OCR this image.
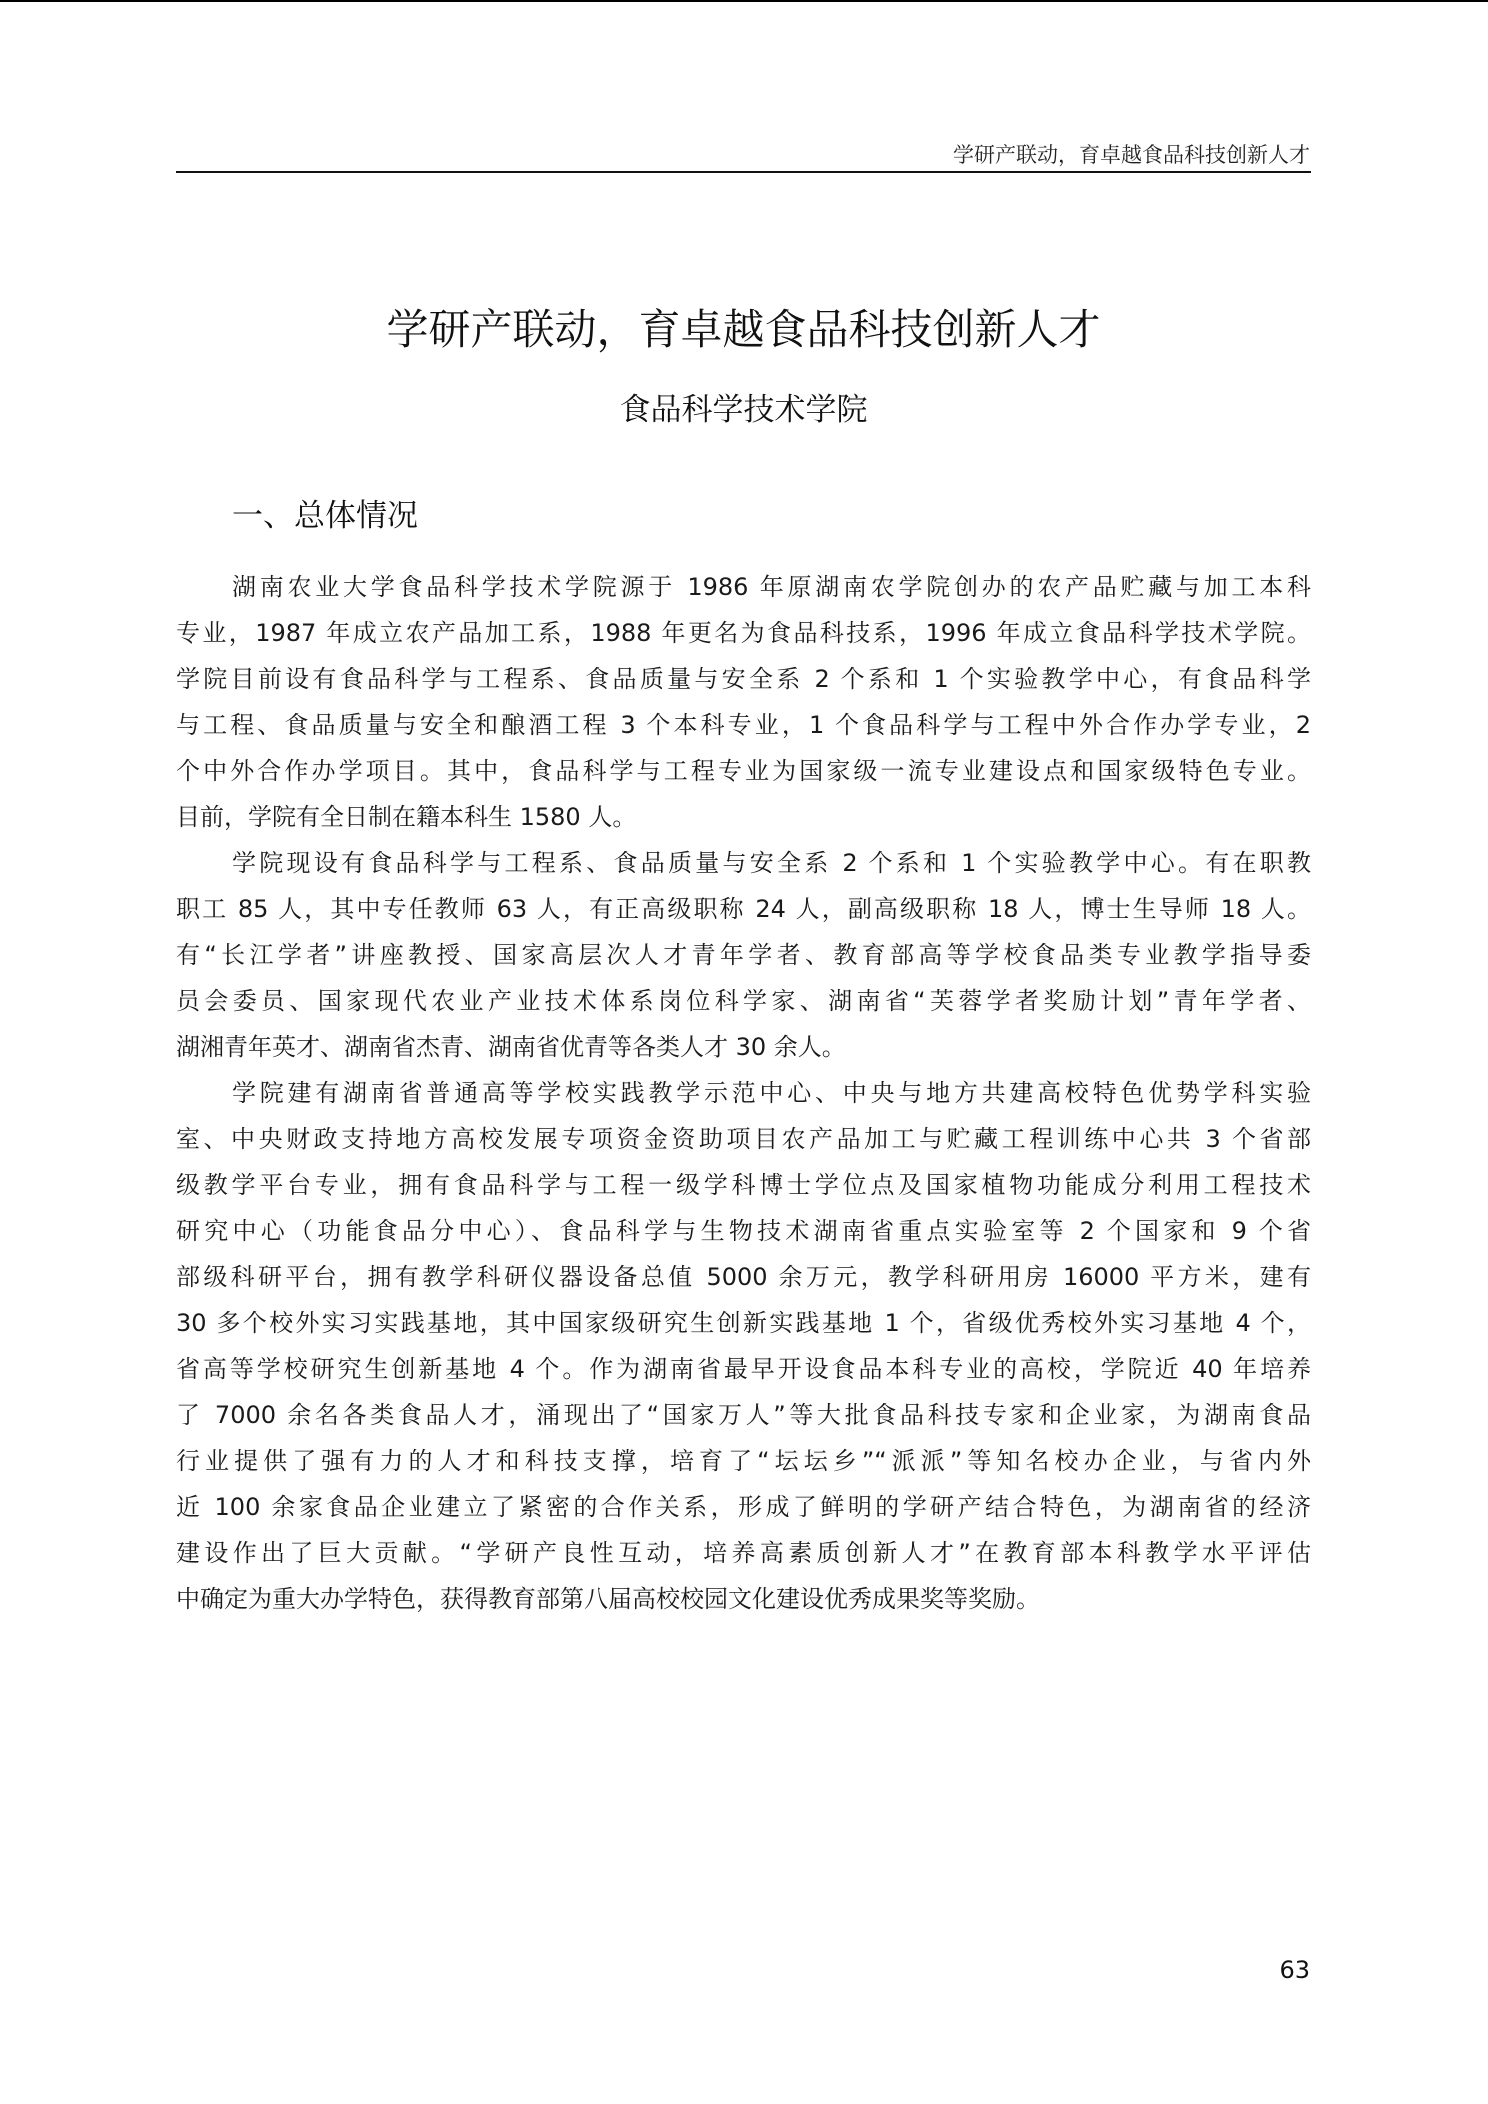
学研产联动，育卓越食品科技创新人才
学研产联动，育卓越食品科技创新人才
食品科学技术学院
一、总体情况
湖南农业大学食品科学技术学院源于 1986 年原湖南农学院创办的农产品贮藏与加工本科
专业，1987 年成立农产品加工系，1988 年更名为食品科技系，1996 年成立食品科学技术学院。
学院目前设有食品科学与工程系、食品质量与安全系 2 个系和 1 个实验教学中心，有食品科学
与工程、食品质量与安全和酿酒工程 3 个本科专业，1 个食品科学与工程中外合作办学专业，2
个中外合作办学项目。其中，食品科学与工程专业为国家级一流专业建设点和国家级特色专业。
目前，学院有全日制在籍本科生 1580 人。
学院现设有食品科学与工程系、食品质量与安全系 2 个系和 1 个实验教学中心。有在职教
职工 85 人，其中专任教师 63 人，有正高级职称 24 人，副高级职称 18 人，博士生导师 18 人。
有“长江学者”讲座教授、国家高层次人才青年学者、教育部高等学校食品类专业教学指导委
员会委员、国家现代农业产业技术体系岗位科学家、湖南省“芙蓉学者奖励计划”青年学者、
湖湘青年英才、湖南省杰青、湖南省优青等各类人才 30 余人。
学院建有湖南省普通高等学校实践教学示范中心、中央与地方共建高校特色优势学科实验
室、中央财政支持地方高校发展专项资金资助项目农产品加工与贮藏工程训练中心共 3 个省部
级教学平台专业，拥有食品科学与工程一级学科博士学位点及国家植物功能成分利用工程技术
研究中心（功能食品分中心）、食品科学与生物技术湖南省重点实验室等 2 个国家和 9 个省
部级科研平台，拥有教学科研仪器设备总值 5000 余万元，教学科研用房 16000 平方米，建有
30 多个校外实习实践基地，其中国家级研究生创新实践基地 1 个，省级优秀校外实习基地 4 个，
省高等学校研究生创新基地 4 个。作为湖南省最早开设食品本科专业的高校，学院近 40 年培养
了 7000 余名各类食品人才，涌现出了“国家万人”等大批食品科技专家和企业家，为湖南食品
行业提供了强有力的人才和科技支撑，培育了“坛坛乡”“派派”等知名校办企业，与省内外
近 100 余家食品企业建立了紧密的合作关系，形成了鲜明的学研产结合特色，为湖南省的经济
建设作出了巨大贡献。“学研产良性互动，培养高素质创新人才”在教育部本科教学水平评估
中确定为重大办学特色，获得教育部第八届高校校园文化建设优秀成果奖等奖励。
63
